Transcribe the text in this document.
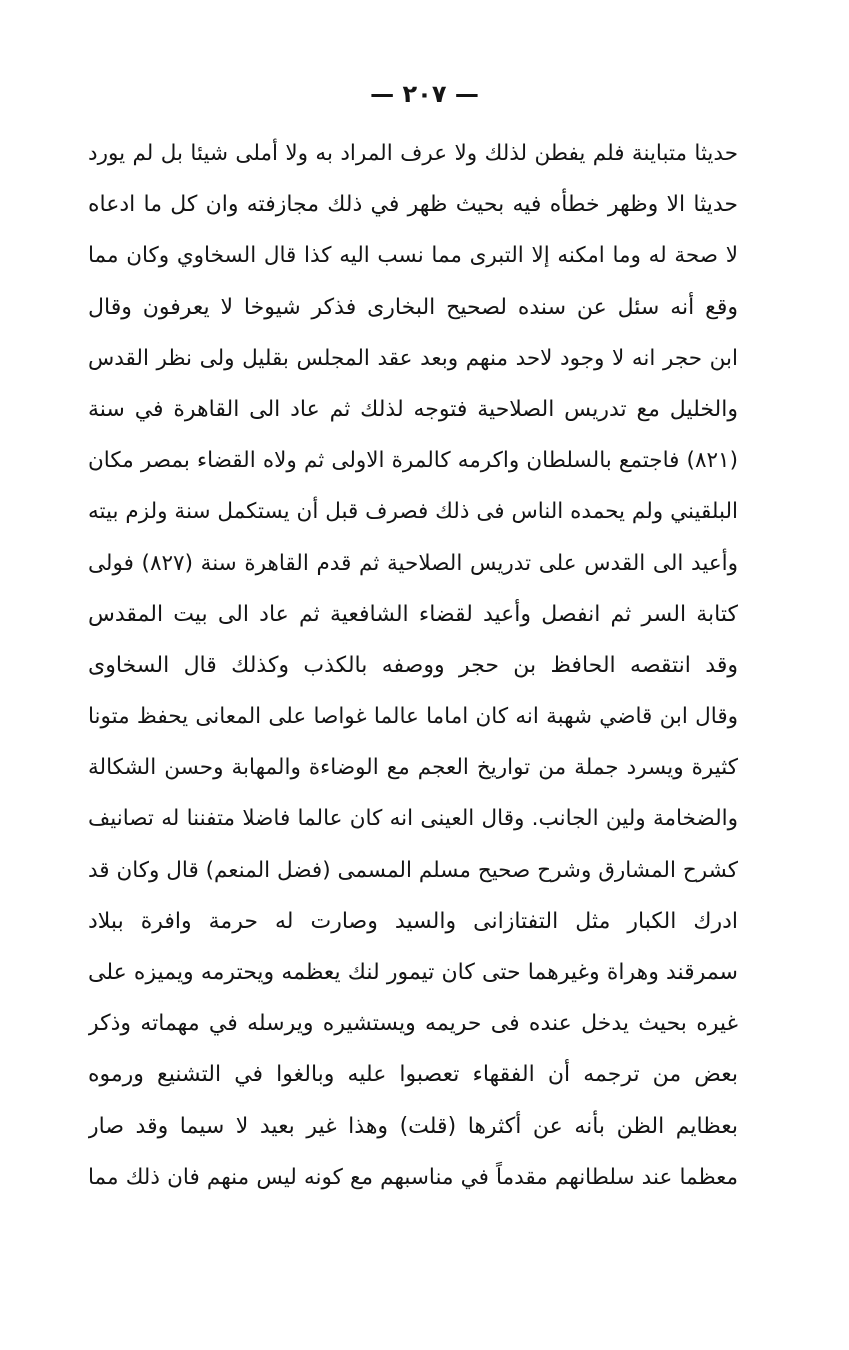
— ٢٠٧ —
حديثا متباينة فلم يفطن لذلك ولا عرف المراد به ولا أملى شيئا بل لم يورد
حديثا الا وظهر خطأه فيه بحيث ظهر في ذلك مجازفته وان كل ما ادعاه
لا صحة له وما امكنه إلا التبرى مما نسب اليه كذا قال السخاوي وكان مما
وقع أنه سئل عن سنده لصحيح البخارى فذكر شيوخا لا يعرفون وقال
ابن حجر انه لا وجود لاحد منهم وبعد عقد المجلس بقليل ولى نظر القدس
والخليل مع تدريس الصلاحية فتوجه لذلك ثم عاد الى القاهرة في سنة
(٨٢١) فاجتمع بالسلطان واكرمه كالمرة الاولى ثم ولاه القضاء بمصر مكان
البلقيني ولم يحمده الناس فى ذلك فصرف قبل أن يستكمل سنة ولزم بيته
وأعيد الى القدس على تدريس الصلاحية ثم قدم القاهرة سنة (٨٢٧) فولى
كتابة السر ثم انفصل وأعيد لقضاء الشافعية ثم عاد الى بيت المقدس
وقد انتقصه الحافظ بن حجر ووصفه بالكذب وكذلك قال السخاوى
وقال ابن قاضي شهبة انه كان اماما عالما غواصا على المعانى يحفظ متونا
كثيرة ويسرد جملة من تواريخ العجم مع الوضاءة والمهابة وحسن الشكالة
والضخامة ولين الجانب. وقال العينى انه كان عالما فاضلا متفننا له تصانيف
كشرح المشارق وشرح صحيح مسلم المسمى (فضل المنعم) قال وكان قد
ادرك الكبار مثل التفتازانى والسيد وصارت له حرمة وافرة ببلاد
سمرقند وهراة وغيرهما حتى كان تيمور لنك يعظمه ويحترمه ويميزه على
غيره بحيث يدخل عنده فى حريمه ويستشيره ويرسله في مهماته وذكر
بعض من ترجمه أن الفقهاء تعصبوا عليه وبالغوا في التشنيع ورموه
بعظايم الظن بأنه عن أكثرها (قلت) وهذا غير بعيد لا سيما وقد صار
معظما عند سلطانهم مقدماً في مناسبهم مع كونه ليس منهم فان ذلك مما
